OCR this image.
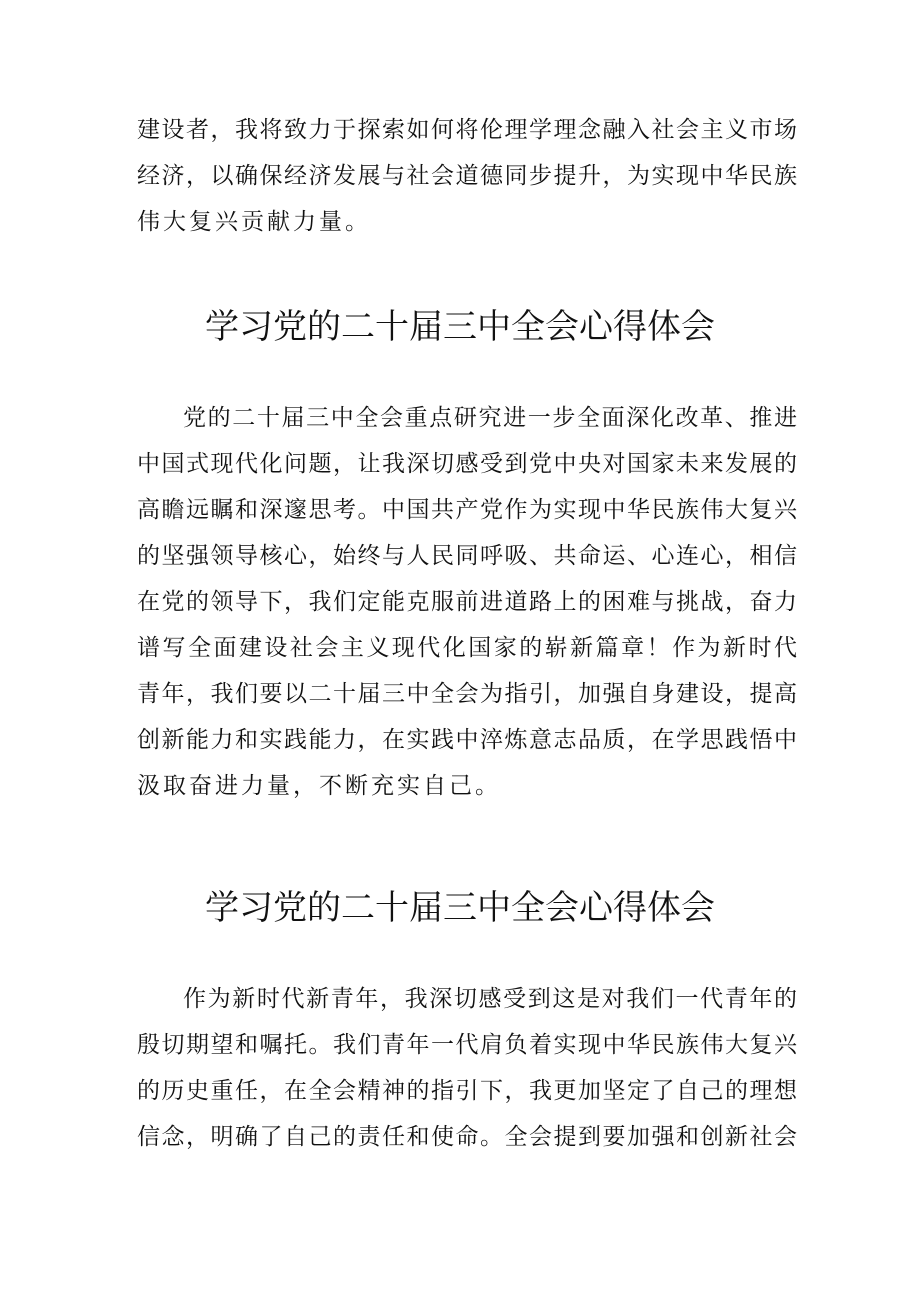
建设者，我将致力于探索如何将伦理学理念融入社会主义市场
经济，以确保经济发展与社会道德同步提升，为实现中华民族
伟大复兴贡献力量。
学习党的二十届三中全会心得体会
党的二十届三中全会重点研究进一步全面深化改革、推进
中国式现代化问题，让我深切感受到党中央对国家未来发展的
高瞻远瞩和深邃思考。中国共产党作为实现中华民族伟大复兴
的坚强领导核心，始终与人民同呼吸、共命运、心连心，相信
在党的领导下，我们定能克服前进道路上的困难与挑战，奋力
谱写全面建设社会主义现代化国家的崭新篇章！作为新时代
青年，我们要以二十届三中全会为指引，加强自身建设，提高
创新能力和实践能力，在实践中淬炼意志品质，在学思践悟中
汲取奋进力量，不断充实自己。
学习党的二十届三中全会心得体会
作为新时代新青年，我深切感受到这是对我们一代青年的
殷切期望和嘱托。我们青年一代肩负着实现中华民族伟大复兴
的历史重任，在全会精神的指引下，我更加坚定了自己的理想
信念，明确了自己的责任和使命。全会提到要加强和创新社会
